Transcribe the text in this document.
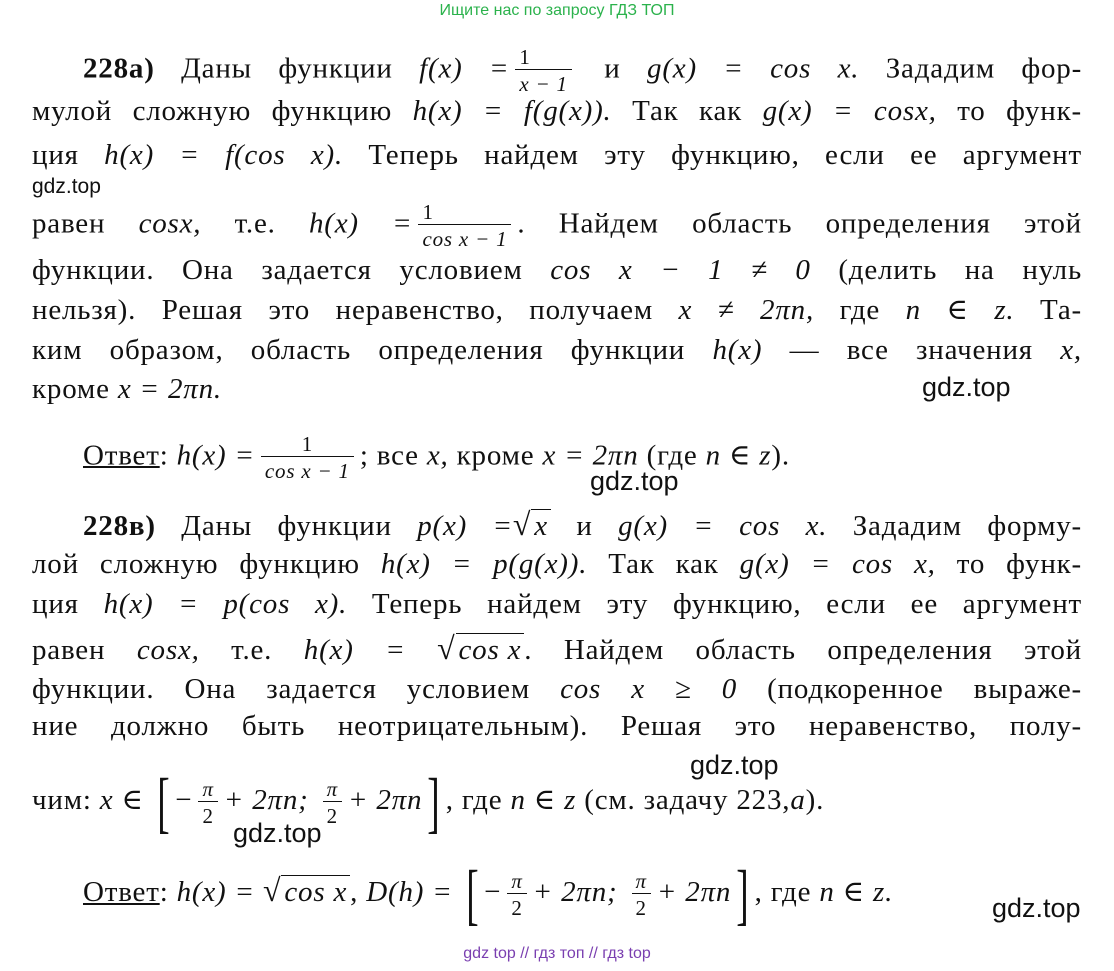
Ищите нас по запросу ГДЗ ТОП
228а) Даны функции $f(x) = \frac{1}{x - 1}$ и g(x) = cos x. Зададим фор-
мулой сложную функцию h(x) = f(g(x)). Так как g(x) = cosx, то функ-
ция h(x) = f(cos x). Теперь найдем эту функцию, если ее аргумент
gdz.top
равен cosx, т.е. $h(x) = \frac{1}{\text{cos x − 1}}$ . Найдем область определения этой
функции. Она задается условием cos x − 1 ≠ 0 (делить на нуль
нельзя). Решая это неравенство, получаем x ≠ 2πn, где n ∈ z. Та-
ким образом, область определения функции h(x) — все значения x,
кроме x = 2πn.	gdz.top
Ответ: $h(x) = \frac{1}{\text{cos x − 1}}$ ; все x, кроме x = 2πn (где n ∈ z).
gdz.top
228в) Даны функции p(x) =√ x и g(x) = cos x. Зададим форму-
лой сложную функцию h(x) = p(g(x)). Так как g(x) = cos x, то функ-
ция h(x) = p(cos x). Теперь найдем эту функцию, если ее аргумент
равен cosx, т.е. h(x) = √ cos x . Найдем область определения этой
функции. Она задается условием cos x ≥ 0 (подкоренное выраже-
ние должно быть неотрицательным). Решая это неравенство, полу-
gdz.top
чим: x ∈ [ − $\frac{\pi}{2} + 2\pi n$; $\frac{\pi}{2} + 2\pi n$] , где n ∈ z (см. задачу 223,а).
gdz.top
Ответ: h(x) = √ cos x , D(h) = [ − $\frac{\pi}{2} + 2\pi n$; $\frac{\pi}{2} + 2\pi n$] , где n ∈ z.	gdz.top
gdz top // гдз топ // гдз top
